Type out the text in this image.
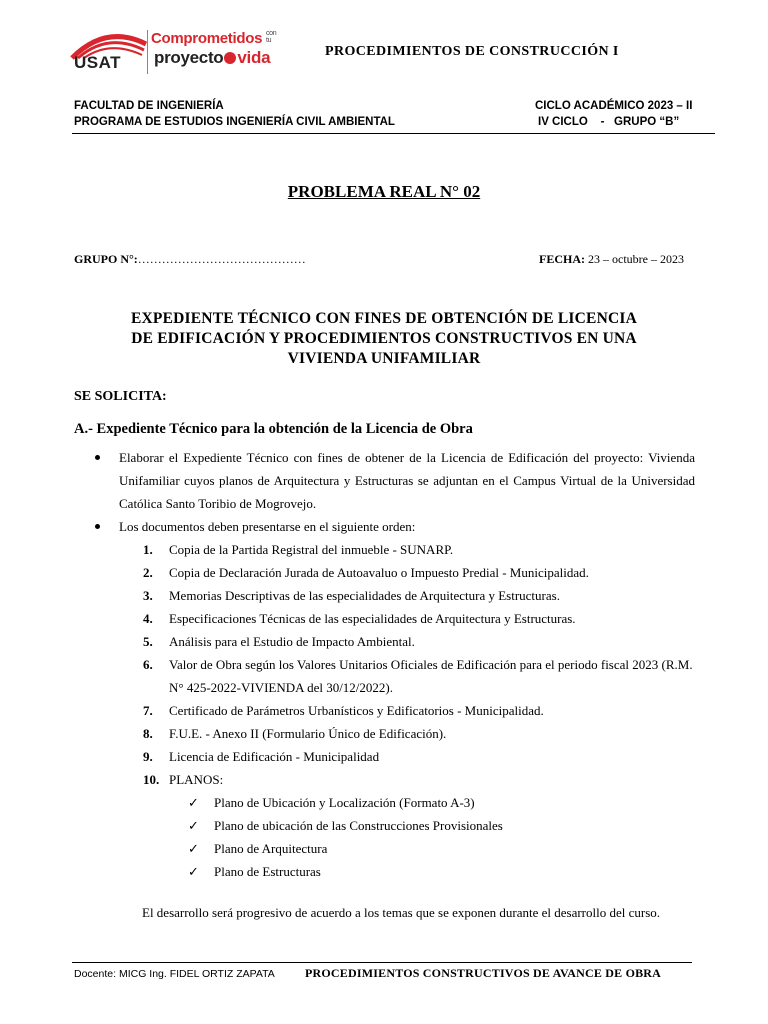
USAT
Comprometidos con tu
proyecto vida	PROCEDIMIENTOS DE CONSTRUCCIÓN I
FACULTAD DE INGENIERÍA
PROGRAMA DE ESTUDIOS INGENIERÍA CIVIL AMBIENTAL
CICLO ACADÉMICO 2023 – II
IV CICLO    -   GRUPO “B”
PROBLEMA REAL N° 02
GRUPO N°:……………………………………	FECHA: 23 – octubre – 2023
EXPEDIENTE TÉCNICO CON FINES DE OBTENCIÓN DE LICENCIA
DE EDIFICACIÓN Y PROCEDIMIENTOS CONSTRUCTIVOS EN UNA
VIVIENDA UNIFAMILIAR
SE SOLICITA:
A.- Expediente Técnico para la obtención de la Licencia de Obra
Elaborar el Expediente Técnico con fines de obtener de la Licencia de Edificación del proyecto: Vivienda Unifamiliar cuyos planos de Arquitectura y Estructuras se adjuntan en el Campus Virtual de la Universidad Católica Santo Toribio de Mogrovejo.
Los documentos deben presentarse en el siguiente orden:
1. Copia de la Partida Registral del inmueble - SUNARP.
2. Copia de Declaración Jurada de Autoavaluo o Impuesto Predial - Municipalidad.
3. Memorias Descriptivas de las especialidades de Arquitectura y Estructuras.
4. Especificaciones Técnicas de las especialidades de Arquitectura y Estructuras.
5. Análisis para el Estudio de Impacto Ambiental.
6. Valor de Obra según los Valores Unitarios Oficiales de Edificación para el periodo fiscal 2023 (R.M. N° 425-2022-VIVIENDA del 30/12/2022).
7. Certificado de Parámetros Urbanísticos y Edificatorios - Municipalidad.
8. F.U.E. - Anexo II (Formulario Único de Edificación).
9. Licencia de Edificación - Municipalidad
10. PLANOS:
✓ Plano de Ubicación y Localización (Formato A-3)
✓ Plano de ubicación de las Construcciones Provisionales
✓ Plano de Arquitectura
✓ Plano de Estructuras
El desarrollo será progresivo de acuerdo a los temas que se exponen durante el desarrollo del curso.
Docente: MICG Ing. FIDEL ORTIZ ZAPATA	PROCEDIMIENTOS CONSTRUCTIVOS DE AVANCE DE OBRA
